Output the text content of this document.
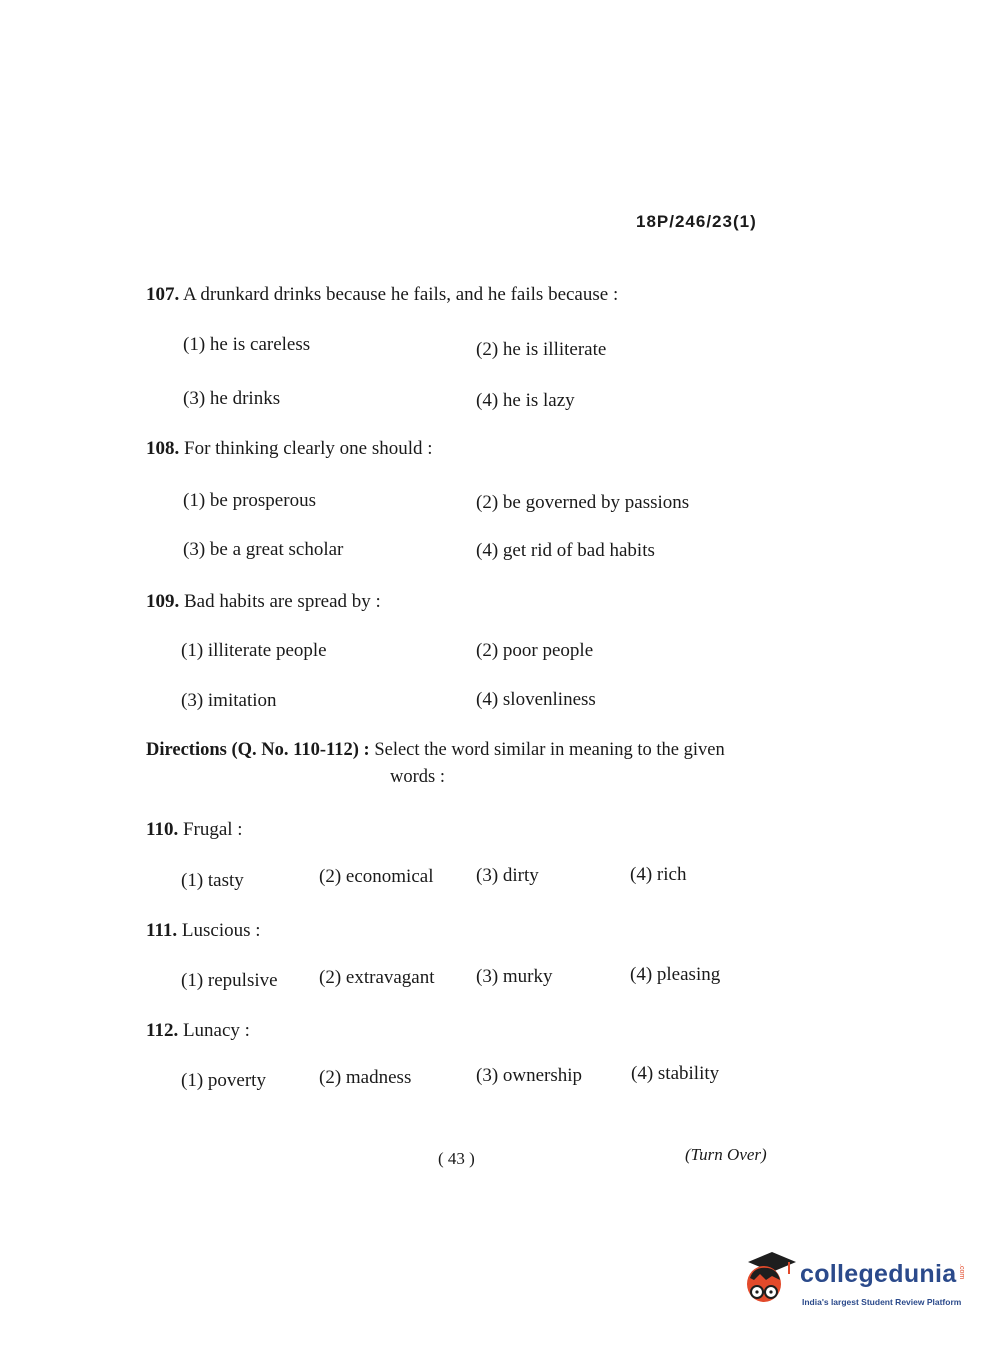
18P/246/23(1)
107. A drunkard drinks because he fails, and he fails because :
(1) he is careless	(2) he is illiterate
(3) he drinks	(4) he is lazy
108. For thinking clearly one should :
(1) be prosperous	(2) be governed by passions
(3) be a great scholar	(4) get rid of bad habits
109. Bad habits are spread by :
(1) illiterate people	(2) poor people
(3) imitation	(4) slovenliness
Directions (Q. No. 110-112) : Select the word similar in meaning to the given
words :
110. Frugal :
(1) tasty	(2) economical (3) dirty	(4) rich
111. Luscious :
(1) repulsive (2) extravagant (3) murky	(4) pleasing
112. Lunacy :
(1) poverty	(2) madness	(3) ownership	(4) stability
( 43 )	(Turn Over)
collegedunia .com
India's largest Student Review Platform
